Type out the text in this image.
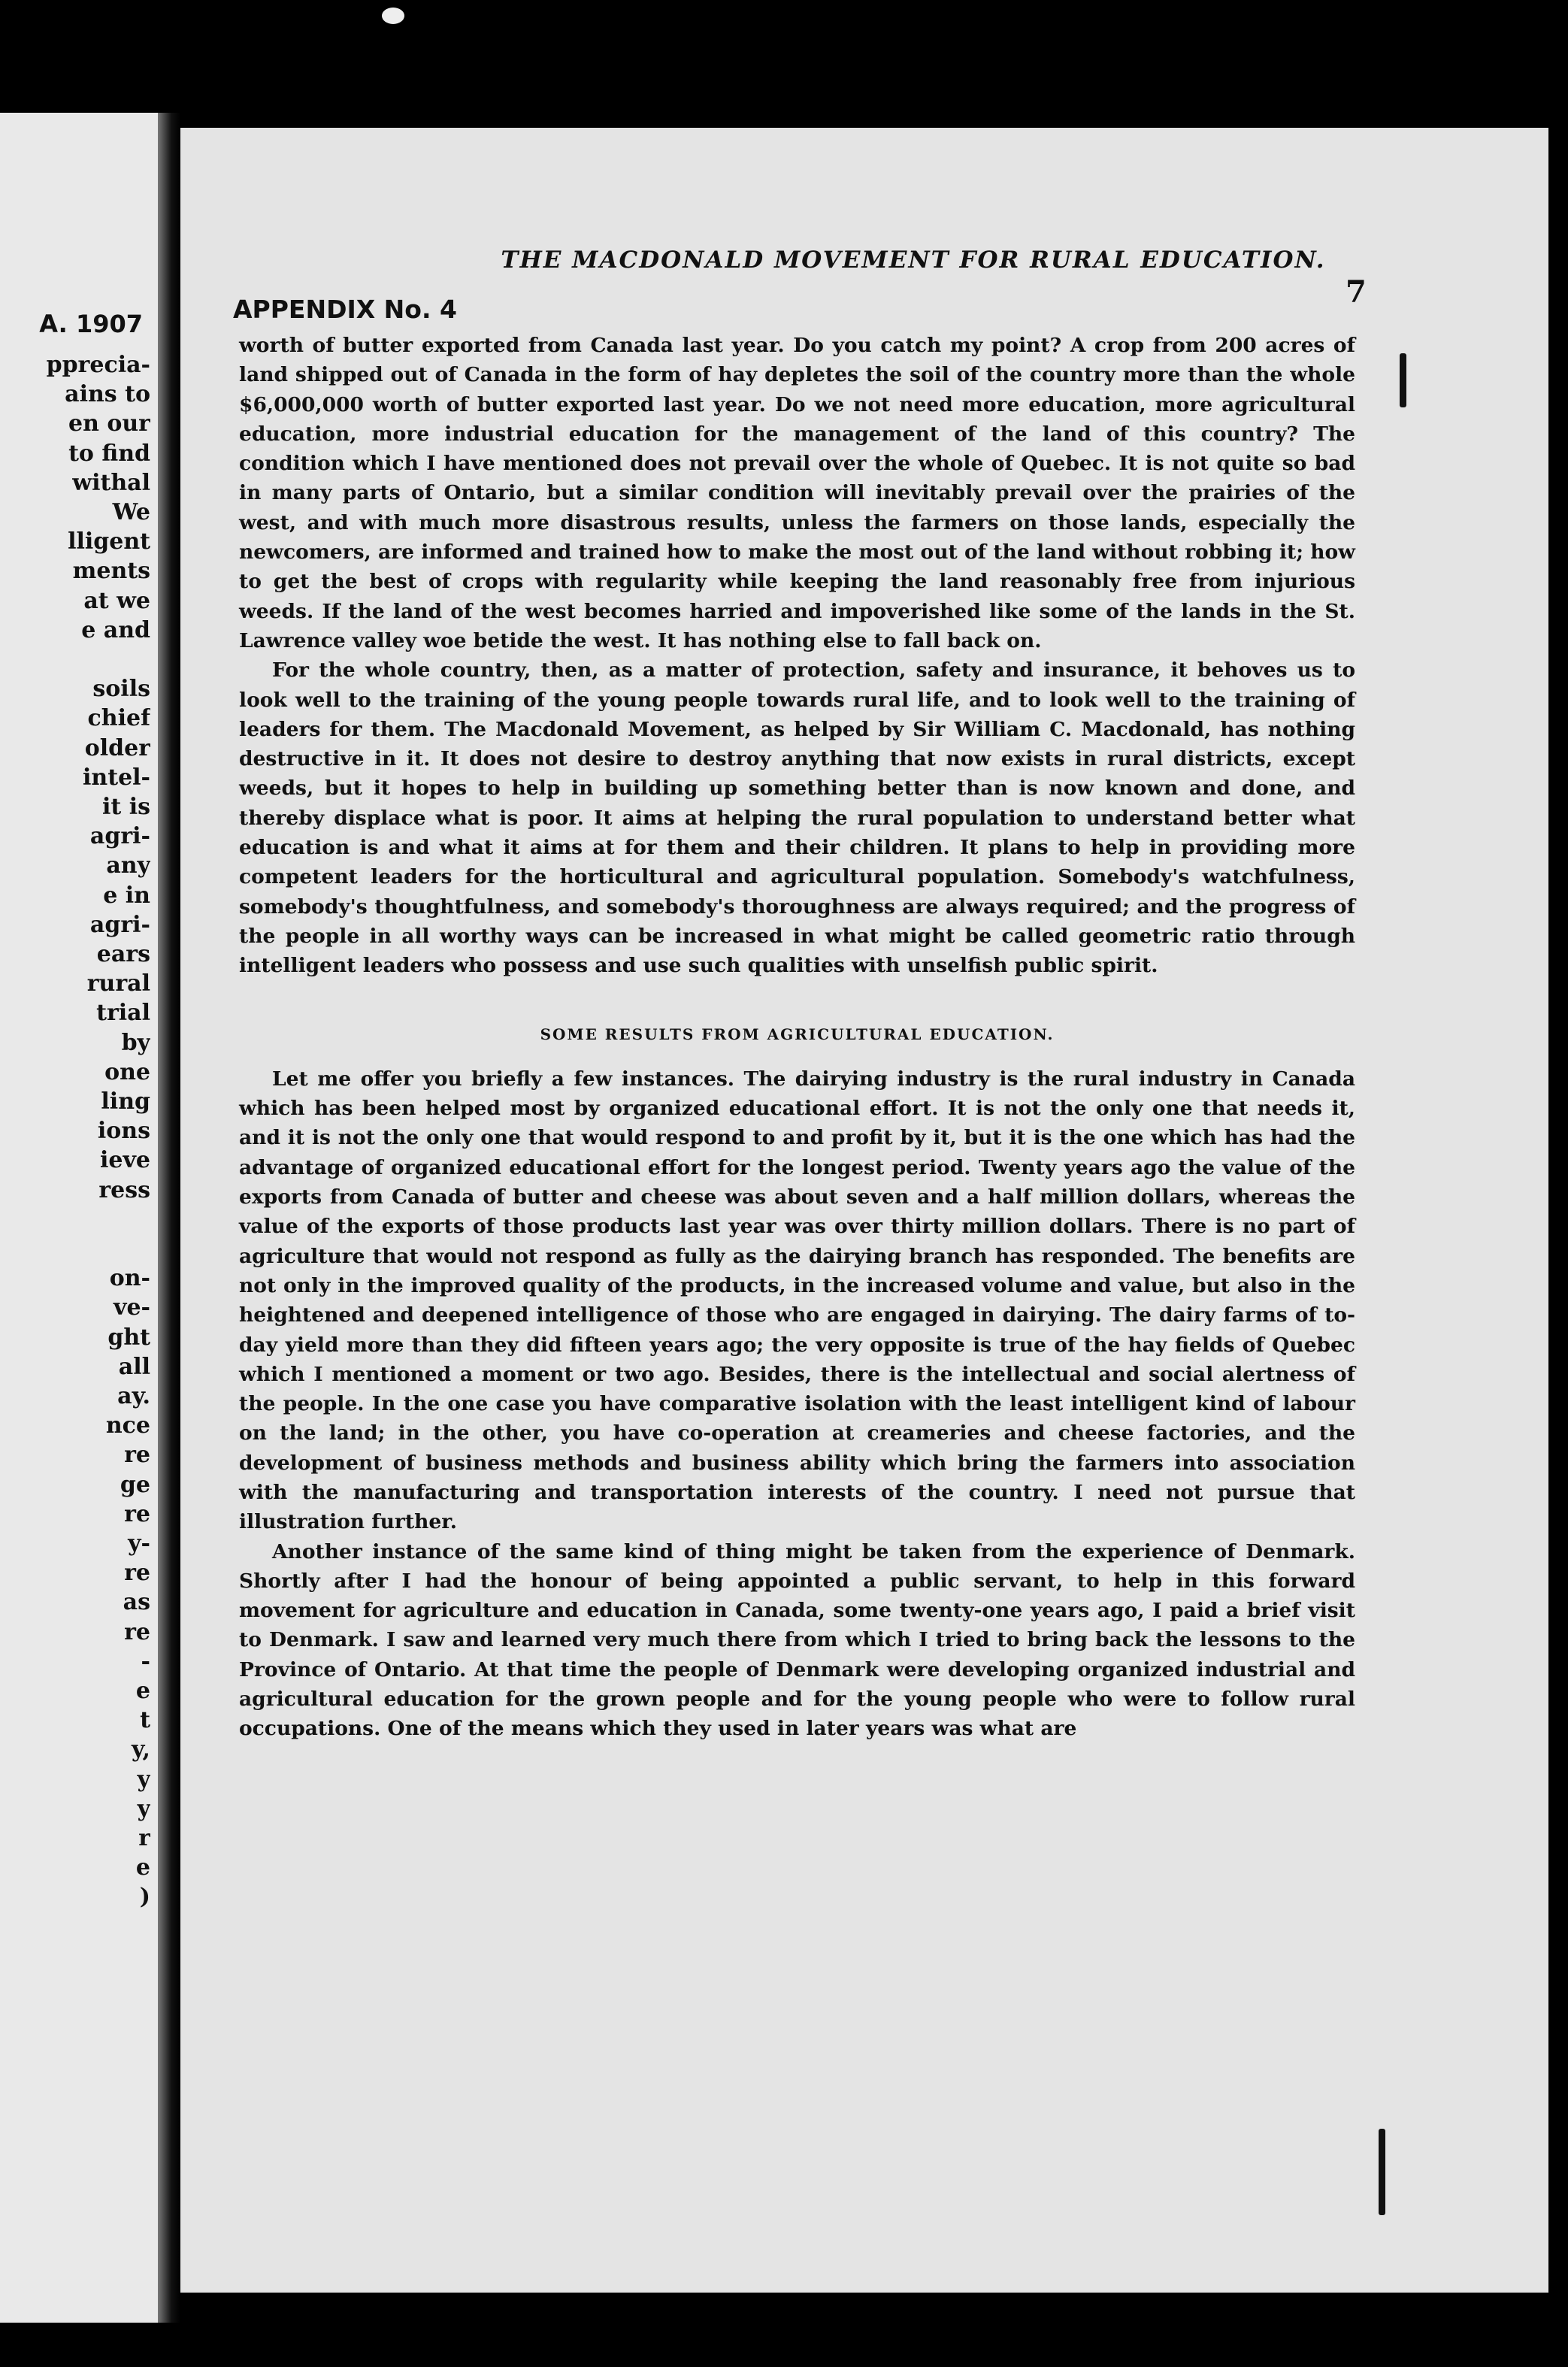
A. 1907
ppreciа-
ains to
en our
to find
withal
We
lligent
ments
at we
e and
soils
chief
older
intel-
it is
agri-
any
e in
agri-
ears
rural
trial
by
one
ling
ions
ieve
ress
on-
ve-
ght
all
ay.
nce
re
ge
re
y-
re
as
re
-
e
t
y,
y
y
r
e
)
THE MACDONALD MOVEMENT FOR RURAL EDUCATION.
7
APPENDIX No. 4

worth of butter exported from Canada last year. Do you catch my point? A crop from 200 acres of land shipped out of Canada in the form of hay depletes the soil of the country more than the whole $6,000,000 worth of butter exported last year. Do we not need more education, more agricultural education, more industrial education for the management of the land of this country? The condition which I have mentioned does not prevail over the whole of Quebec. It is not quite so bad in many parts of Ontario, but a similar condition will inevitably prevail over the prairies of the west, and with much more disastrous results, unless the farmers on those lands, especially the newcomers, are informed and trained how to make the most out of the land without robbing it; how to get the best of crops with regularity while keeping the land reasonably free from injurious weeds. If the land of the west becomes harried and impoverished like some of the lands in the St. Lawrence valley woe betide the west. It has nothing else to fall back on.

For the whole country, then, as a matter of protection, safety and insurance, it behoves us to look well to the training of the young people towards rural life, and to look well to the training of leaders for them. The Macdonald Movement, as helped by Sir William C. Macdonald, has nothing destructive in it. It does not desire to destroy anything that now exists in rural districts, except weeds, but it hopes to help in building up something better than is now known and done, and thereby displace what is poor. It aims at helping the rural population to understand better what education is and what it aims at for them and their children. It plans to help in providing more competent leaders for the horticultural and agricultural population. Somebody's watchfulness, somebody's thoughtfulness, and somebody's thoroughness are always required; and the progress of the people in all worthy ways can be increased in what might be called geometric ratio through intelligent leaders who possess and use such qualities with unselfish public spirit.

SOME RESULTS FROM AGRICULTURAL EDUCATION.

Let me offer you briefly a few instances. The dairying industry is the rural industry in Canada which has been helped most by organized educational effort. It is not the only one that needs it, and it is not the only one that would respond to and profit by it, but it is the one which has had the advantage of organized educational effort for the longest period. Twenty years ago the value of the exports from Canada of butter and cheese was about seven and a half million dollars, whereas the value of the exports of those products last year was over thirty million dollars. There is no part of agriculture that would not respond as fully as the dairying branch has responded. The benefits are not only in the improved quality of the products, in the increased volume and value, but also in the heightened and deepened intelligence of those who are engaged in dairying. The dairy farms of to-day yield more than they did fifteen years ago; the very opposite is true of the hay fields of Quebec which I mentioned a moment or two ago. Besides, there is the intellectual and social alertness of the people. In the one case you have comparative isolation with the least intelligent kind of labour on the land; in the other, you have co-operation at creameries and cheese factories, and the development of business methods and business ability which bring the farmers into association with the manufacturing and transportation interests of the country. I need not pursue that illustration further.

Another instance of the same kind of thing might be taken from the experience of Denmark. Shortly after I had the honour of being appointed a public servant, to help in this forward movement for agriculture and education in Canada, some twenty-one years ago, I paid a brief visit to Denmark. I saw and learned very much there from which I tried to bring back the lessons to the Province of Ontario. At that time the people of Denmark were developing organized industrial and agricultural education for the grown people and for the young people who were to follow rural occupations. One of the means which they used in later years was what are
